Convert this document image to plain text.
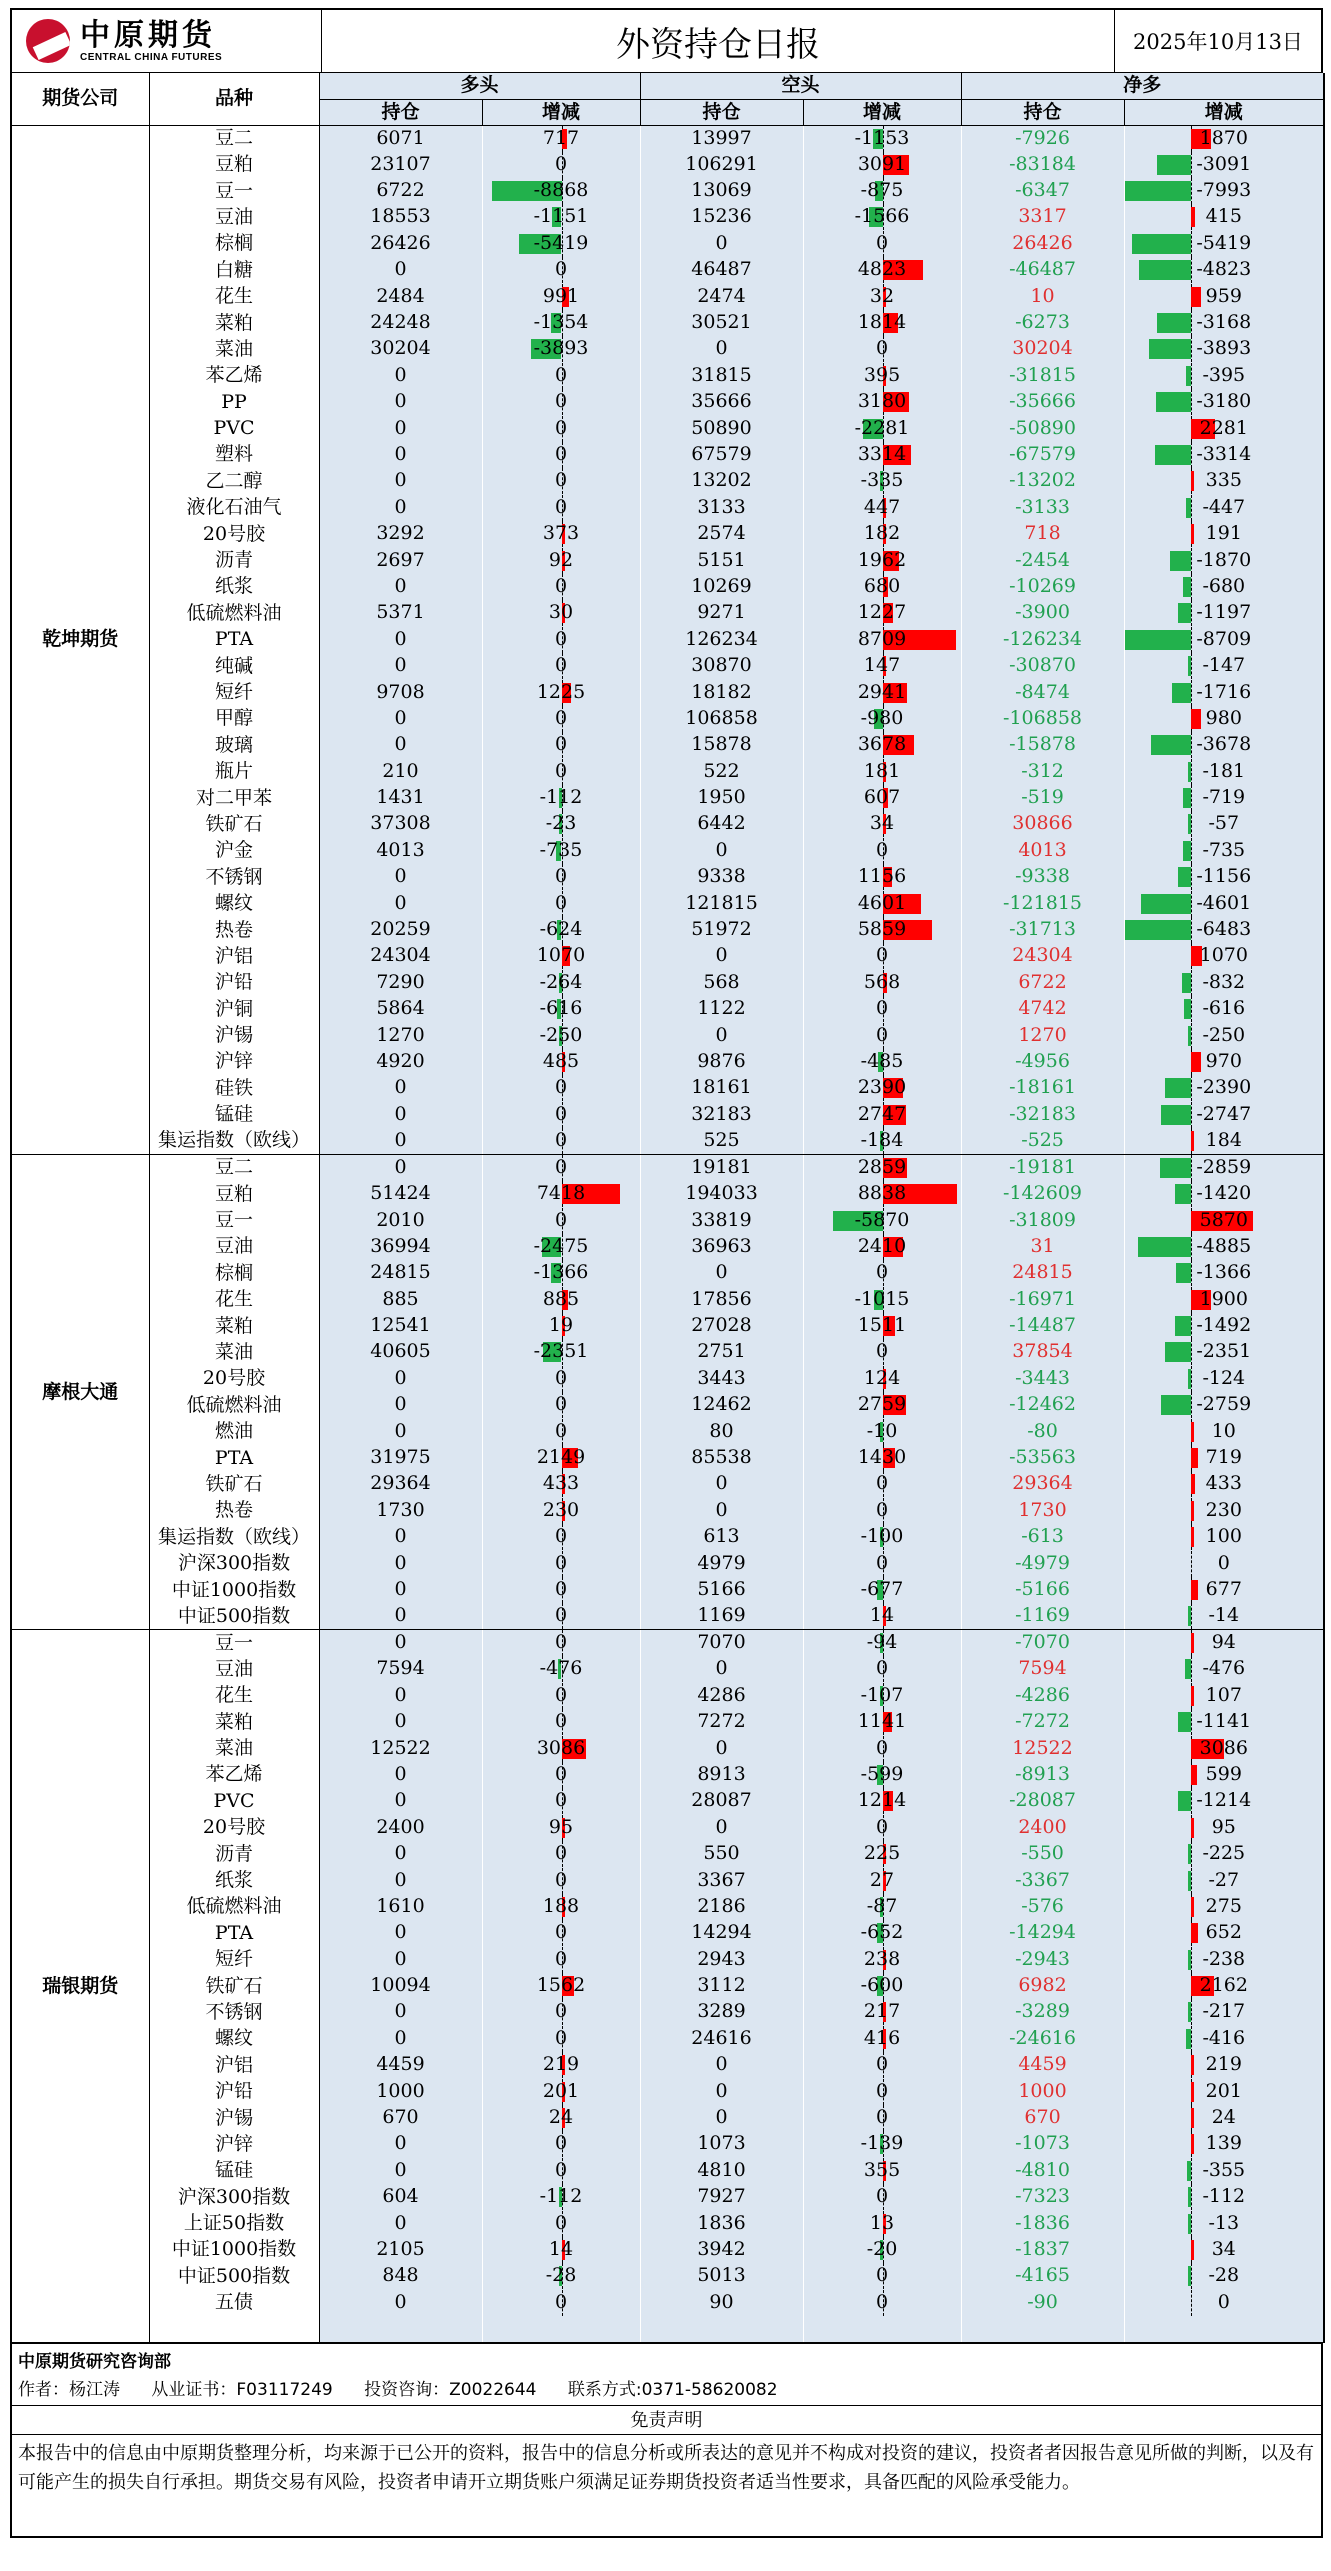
中原期货
CENTRAL CHINA FUTURES	外资持仓日报	2025年10月13日
期货公司	品种	多头		空头		净多	
		持仓	增减	持仓	增减	持仓	增减
乾坤期货	豆二	6071	717	13997	-1153	-7926	1870

	豆粕	23107	0	106291	3091	-83184	-3091

	豆一	6722	-8868	13069	-875	-6347	-7993

	豆油	18553	-1151	15236	-1566	3317	415

	棕榈	26426	-5419	0	0	26426	-5419

	白糖	0	0	46487	4823	-46487	-4823

	花生	2484	991	2474	32	10	959

	菜粕	24248	-1354	30521	1814	-6273	-3168

	菜油	30204	-3893	0	0	30204	-3893

	苯乙烯	0	0	31815	395	-31815	-395

	PP	0	0	35666	3180	-35666	-3180

	PVC	0	0	50890	-2281	-50890	2281

	塑料	0	0	67579	3314	-67579	-3314

	乙二醇	0	0	13202	-335	-13202	335

	液化石油气	0	0	3133	447	-3133	-447

	20号胶	3292	373	2574	182	718	191

	沥青	2697	92	5151	1962	-2454	-1870

	纸浆	0	0	10269	680	-10269	-680

	低硫燃料油	5371	30	9271	1227	-3900	-1197

	PTA	0	0	126234	8709	-126234	-8709

	纯碱	0	0	30870	147	-30870	-147

	短纤	9708	1225	18182	2941	-8474	-1716

	甲醇	0	0	106858	-980	-106858	980

	玻璃	0	0	15878	3678	-15878	-3678

	瓶片	210	0	522	181	-312	-181

	对二甲苯	1431	-112	1950	607	-519	-719

	铁矿石	37308	-23	6442	34	30866	-57

	沪金	4013	-735	0	0	4013	-735

	不锈钢	0	0	9338	1156	-9338	-1156

	螺纹	0	0	121815	4601	-121815	-4601

	热卷	20259	-624	51972	5859	-31713	-6483

	沪铝	24304	1070	0	0	24304	1070

	沪铅	7290	-264	568	568	6722	-832

	沪铜	5864	-616	1122	0	4742	-616

	沪锡	1270	-250	0	0	1270	-250

	沪锌	4920	485	9876	-485	-4956	970

	硅铁	0	0	18161	2390	-18161	-2390

	锰硅	0	0	32183	2747	-32183	-2747

	集运指数（欧线）	0	0	525	-184	-525	184

摩根大通	豆二	0	0	19181	2859	-19181	-2859

	豆粕	51424	7418	194033	8838	-142609	-1420

	豆一	2010	0	33819	-5870	-31809	5870

	豆油	36994	-2475	36963	2410	31	-4885

	棕榈	24815	-1366	0	0	24815	-1366

	花生	885	885	17856	-1015	-16971	1900

	菜粕	12541	19	27028	1511	-14487	-1492

	菜油	40605	-2351	2751	0	37854	-2351

	20号胶	0	0	3443	124	-3443	-124

	低硫燃料油	0	0	12462	2759	-12462	-2759

	燃油	0	0	80	-10	-80	10

	PTA	31975	2149	85538	1430	-53563	719

	铁矿石	29364	433	0	0	29364	433

	热卷	1730	230	0	0	1730	230

	集运指数（欧线）	0	0	613	-100	-613	100

	沪深300指数	0	0	4979	0	-4979	0

	中证1000指数	0	0	5166	-677	-5166	677

	中证500指数	0	0	1169	14	-1169	-14

瑞银期货	豆一	0	0	7070	-94	-7070	94

	豆油	7594	-476	0	0	7594	-476

	花生	0	0	4286	-107	-4286	107

	菜粕	0	0	7272	1141	-7272	-1141

	菜油	12522	3086	0	0	12522	3086

	苯乙烯	0	0	8913	-599	-8913	599

	PVC	0	0	28087	1214	-28087	-1214

	20号胶	2400	95	0	0	2400	95

	沥青	0	0	550	225	-550	-225

	纸浆	0	0	3367	27	-3367	-27

	低硫燃料油	1610	188	2186	-87	-576	275

	PTA	0	0	14294	-652	-14294	652

	短纤	0	0	2943	238	-2943	-238

	铁矿石	10094	1562	3112	-600	6982	2162

	不锈钢	0	0	3289	217	-3289	-217

	螺纹	0	0	24616	416	-24616	-416

	沪铝	4459	219	0	0	4459	219

	沪铅	1000	201	0	0	1000	201

	沪锡	670	24	0	0	670	24

	沪锌	0	0	1073	-139	-1073	139

	锰硅	0	0	4810	355	-4810	-355

	沪深300指数	604	-112	7927	0	-7323	-112

	上证50指数	0	0	1836	13	-1836	-13

	中证1000指数	2105	14	3942	-20	-1837	34

	中证500指数	848	-28	5013	0	-4165	-28

	五债	0	0	90	0	-90	0

中原期货研究咨询部
作者：杨江涛 从业证书：F03117249 投资咨询：Z0022644 联系方式:0371-58620082
免责声明
本报告中的信息由中原期货整理分析，均来源于已公开的资料，报告中的信息分析或所表达的意见并不构成对投资的建议，投资者者因报告意见所做的判断，以及有可能产生的损失自行承担。期货交易有风险，投资者申请开立期货账户须满足证券期货投资者适当性要求，具备匹配的风险承受能力。
